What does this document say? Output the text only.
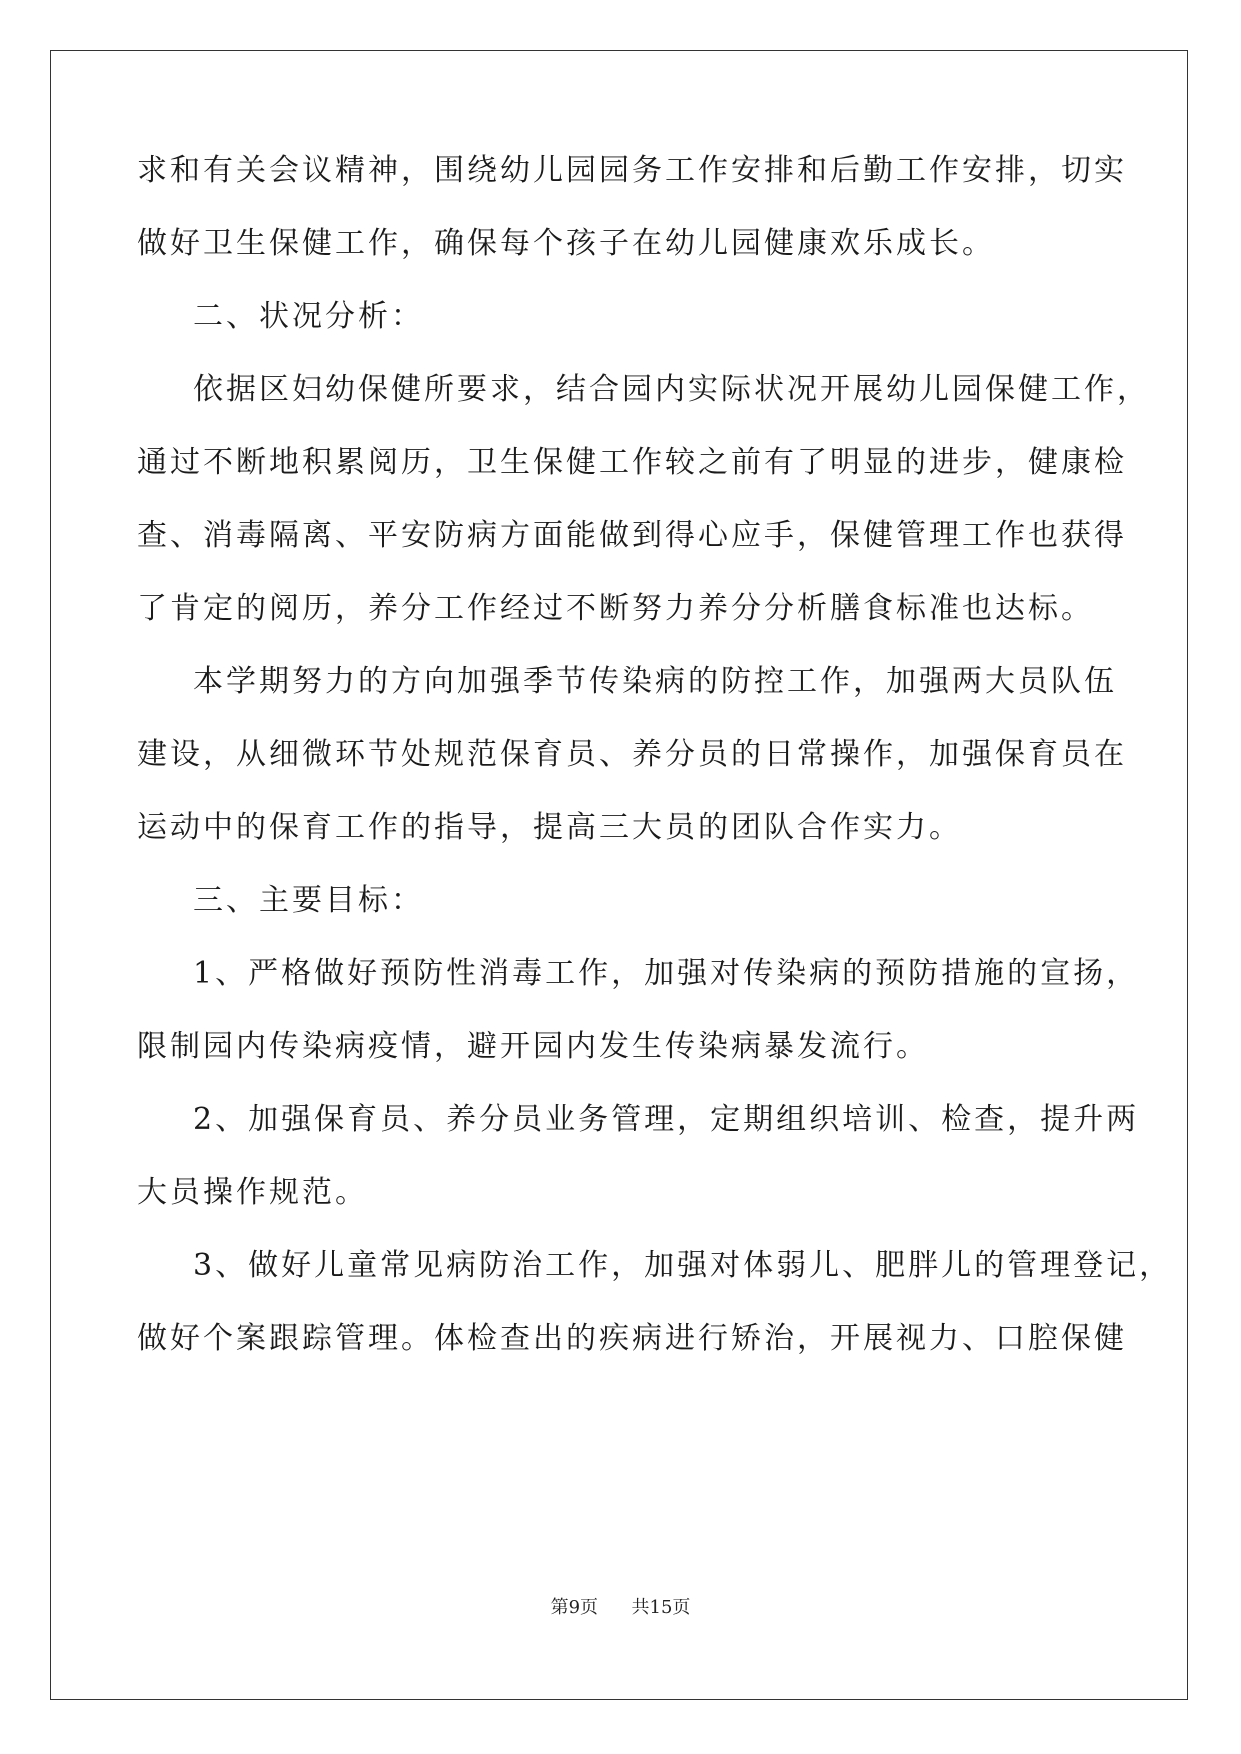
求和有关会议精神，围绕幼儿园园务工作安排和后勤工作安排，切实
做好卫生保健工作，确保每个孩子在幼儿园健康欢乐成长。
二、状况分析：
依据区妇幼保健所要求，结合园内实际状况开展幼儿园保健工作，
通过不断地积累阅历，卫生保健工作较之前有了明显的进步，健康检
查、消毒隔离、平安防病方面能做到得心应手，保健管理工作也获得
了肯定的阅历，养分工作经过不断努力养分分析膳食标准也达标。
本学期努力的方向加强季节传染病的防控工作，加强两大员队伍
建设，从细微环节处规范保育员、养分员的日常操作，加强保育员在
运动中的保育工作的指导，提高三大员的团队合作实力。
三、主要目标：
1、严格做好预防性消毒工作，加强对传染病的预防措施的宣扬，
限制园内传染病疫情，避开园内发生传染病暴发流行。
2、加强保育员、养分员业务管理，定期组织培训、检查，提升两
大员操作规范。
3、做好儿童常见病防治工作，加强对体弱儿、肥胖儿的管理登记，
做好个案跟踪管理。体检查出的疾病进行矫治，开展视力、口腔保健
第9页 共15页
